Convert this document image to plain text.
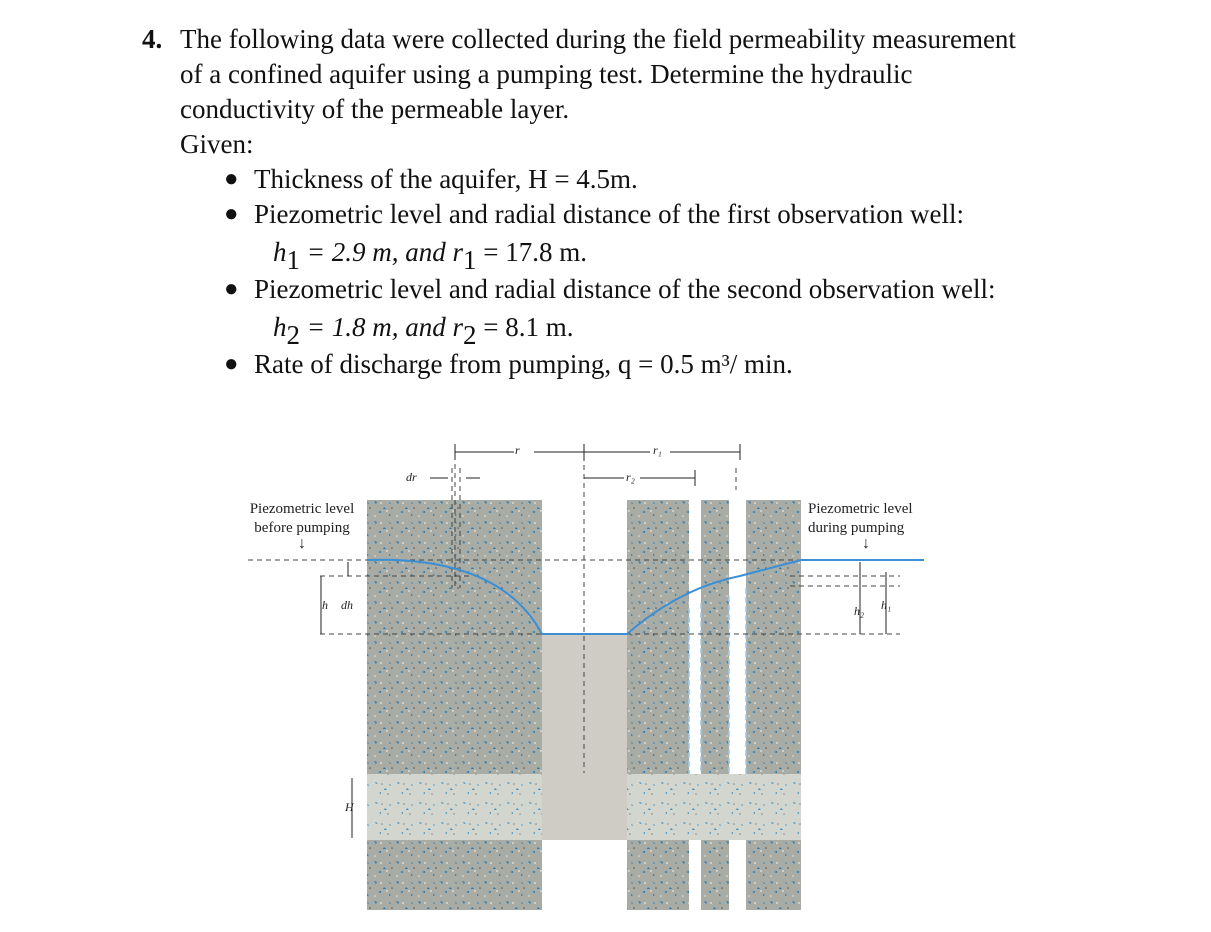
4. The following data were collected during the field permeability measurement
of a confined aquifer using a pumping test. Determine the hydraulic
conductivity of the permeable layer.
Given:
● Thickness of the aquifer, H = 4.5m.
● Piezometric level and radial distance of the first observation well:
h1 = 2.9 m, and r1 = 17.8 m.
● Piezometric level and radial distance of the second observation well:
h2 = 1.8 m, and r2 = 8.1 m.
● Rate of discharge from pumping, q = 0.5 m³/ min.
Piezometric level
before pumping
↓
Piezometric level
during pumping
↓
r	r₁
r₂
dr
h dh	h₁
h₂
H
